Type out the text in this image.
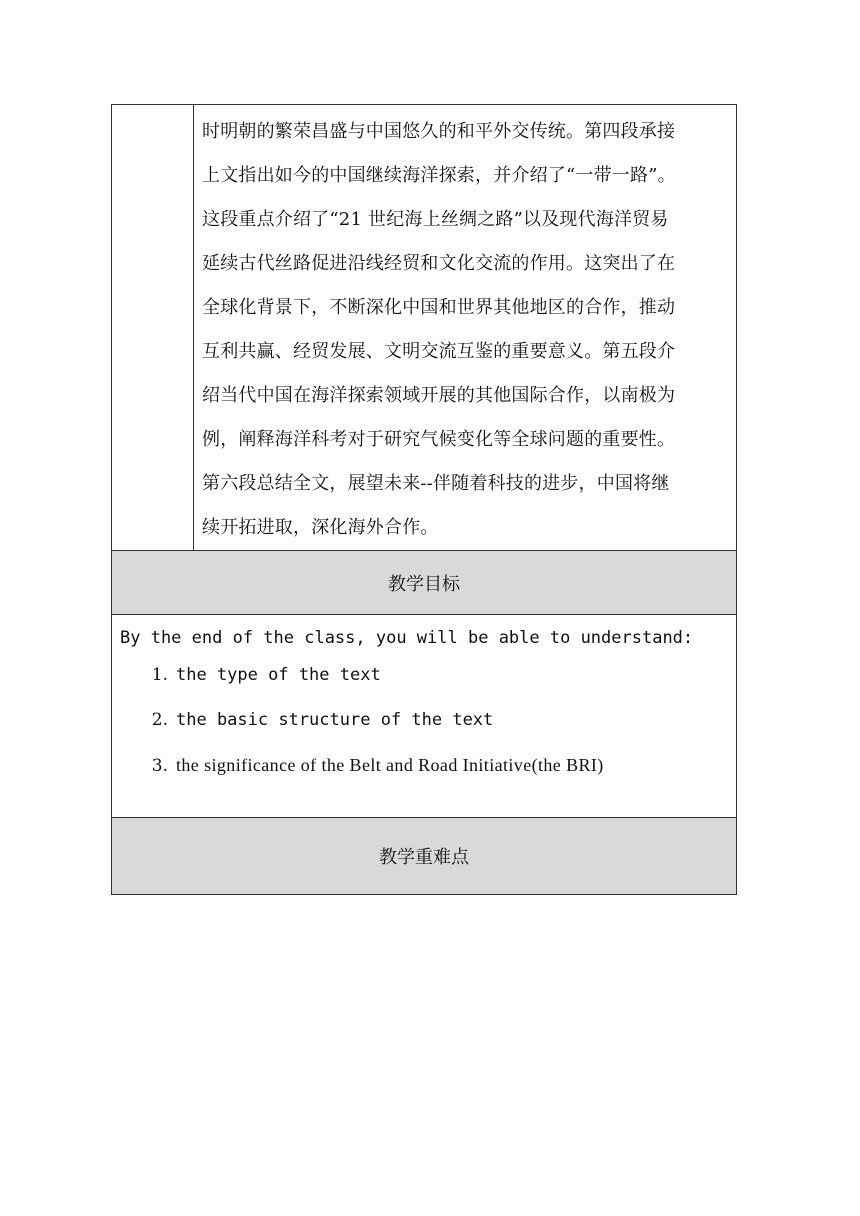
时明朝的繁荣昌盛与中国悠久的和平外交传统。第四段承接
上文指出如今的中国继续海洋探索，并介绍了“一带一路”。
这段重点介绍了“21 世纪海上丝绸之路”以及现代海洋贸易
延续古代丝路促进沿线经贸和文化交流的作用。这突出了在
全球化背景下，不断深化中国和世界其他地区的合作，推动
互利共赢、经贸发展、文明交流互鉴的重要意义。第五段介
绍当代中国在海洋探索领域开展的其他国际合作，以南极为
例，阐释海洋科考对于研究气候变化等全球问题的重要性。
第六段总结全文，展望未来--伴随着科技的进步，中国将继
续开拓进取，深化海外合作。

教学目标

By the end of the class, you will be able to understand:
1. the type of the text
2. the basic structure of the text
3. the significance of the Belt and Road Initiative(the BRI)

教学重难点
